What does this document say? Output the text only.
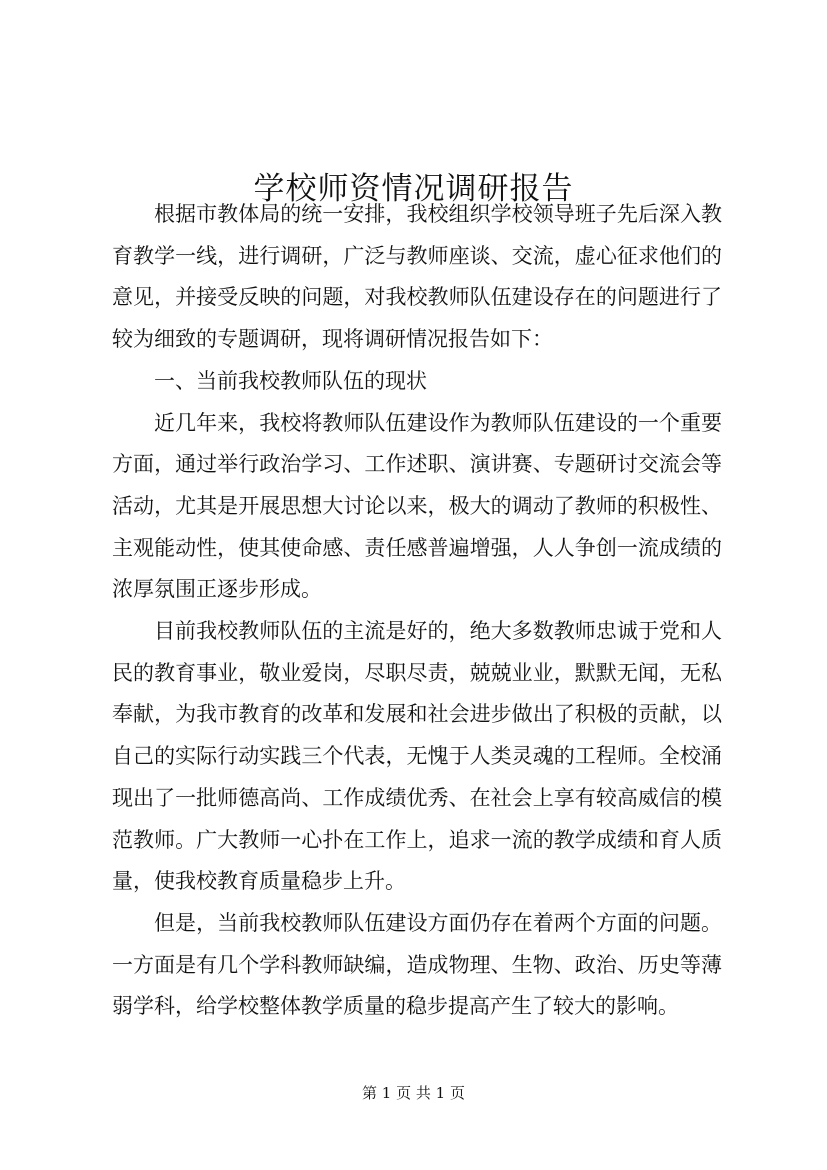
学校师资情况调研报告

根据市教体局的统一安排，我校组织学校领导班子先后深入教育教学一线，进行调研，广泛与教师座谈、交流，虚心征求他们的意见，并接受反映的问题，对我校教师队伍建设存在的问题进行了较为细致的专题调研，现将调研情况报告如下：

一、当前我校教师队伍的现状

近几年来，我校将教师队伍建设作为教师队伍建设的一个重要方面，通过举行政治学习、工作述职、演讲赛、专题研讨交流会等活动，尤其是开展思想大讨论以来，极大的调动了教师的积极性、主观能动性，使其使命感、责任感普遍增强，人人争创一流成绩的浓厚氛围正逐步形成。

目前我校教师队伍的主流是好的，绝大多数教师忠诚于党和人民的教育事业，敬业爱岗，尽职尽责，兢兢业业，默默无闻，无私奉献，为我市教育的改革和发展和社会进步做出了积极的贡献，以自己的实际行动实践三个代表，无愧于人类灵魂的工程师。全校涌现出了一批师德高尚、工作成绩优秀、在社会上享有较高威信的模范教师。广大教师一心扑在工作上，追求一流的教学成绩和育人质量，使我校教育质量稳步上升。

但是，当前我校教师队伍建设方面仍存在着两个方面的问题。一方面是有几个学科教师缺编，造成物理、生物、政治、历史等薄弱学科，给学校整体教学质量的稳步提高产生了较大的影响。

第 1 页 共 1 页
